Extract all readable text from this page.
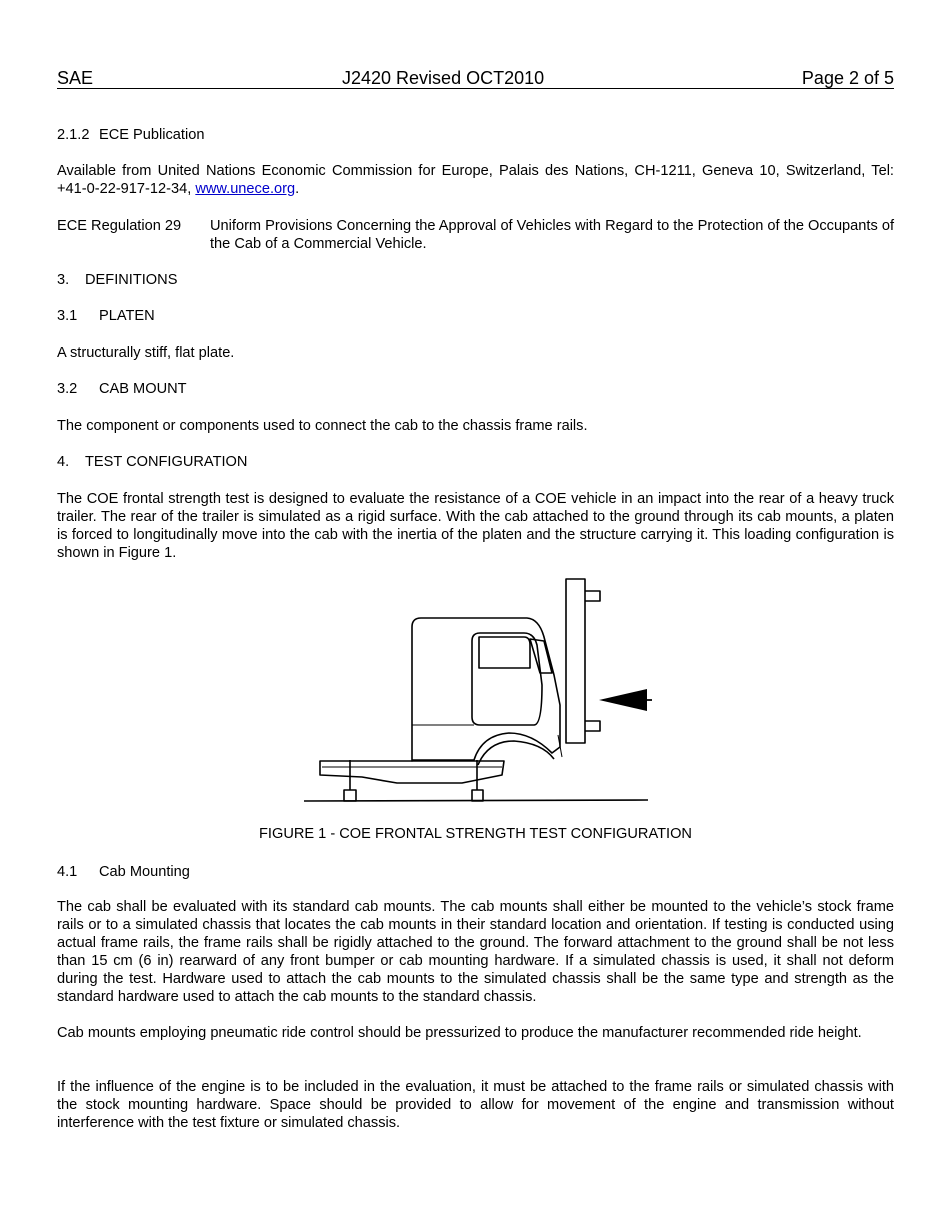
SAE	J2420 Revised OCT2010	Page 2 of 5
2.1.2 ECE Publication
Available from United Nations Economic Commission for Europe, Palais des Nations, CH-1211, Geneva 10, Switzerland, Tel: +41-0-22-917-12-34, www.unece.org.
ECE Regulation 29	Uniform Provisions Concerning the Approval of Vehicles with Regard to the Protection of the Occupants of the Cab of a Commercial Vehicle.
3. DEFINITIONS
3.1 PLATEN
A structurally stiff, flat plate.
3.2 CAB MOUNT
The component or components used to connect the cab to the chassis frame rails.
4. TEST CONFIGURATION
The COE frontal strength test is designed to evaluate the resistance of a COE vehicle in an impact into the rear of a heavy truck trailer. The rear of the trailer is simulated as a rigid surface. With the cab attached to the ground through its cab mounts, a platen is forced to longitudinally move into the cab with the inertia of the platen and the structure carrying it. This loading configuration is shown in Figure 1.
FIGURE 1 - COE FRONTAL STRENGTH TEST CONFIGURATION
4.1 Cab Mounting
The cab shall be evaluated with its standard cab mounts. The cab mounts shall either be mounted to the vehicle’s stock frame rails or to a simulated chassis that locates the cab mounts in their standard location and orientation. If testing is conducted using actual frame rails, the frame rails shall be rigidly attached to the ground. The forward attachment to the ground shall be not less than 15 cm (6 in) rearward of any front bumper or cab mounting hardware. If a simulated chassis is used, it shall not deform during the test. Hardware used to attach the cab mounts to the simulated chassis shall be the same type and strength as the standard hardware used to attach the cab mounts to the standard chassis.
Cab mounts employing pneumatic ride control should be pressurized to produce the manufacturer recommended ride height.
If the influence of the engine is to be included in the evaluation, it must be attached to the frame rails or simulated chassis with the stock mounting hardware. Space should be provided to allow for movement of the engine and transmission without interference with the test fixture or simulated chassis.
